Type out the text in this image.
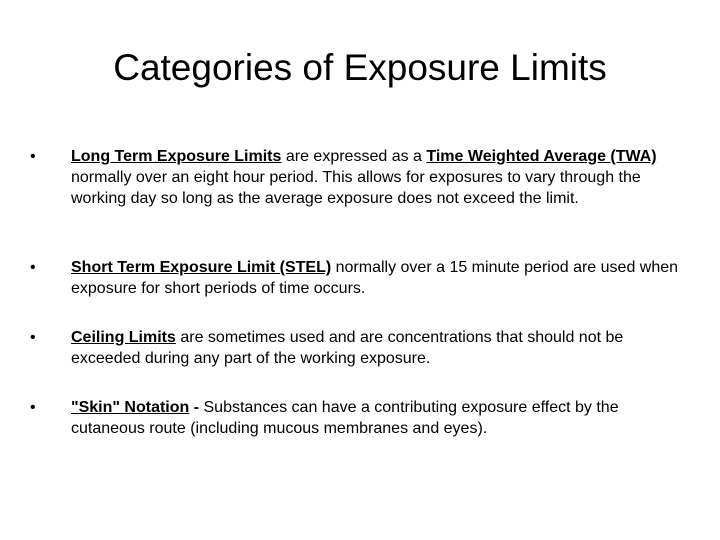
Categories of Exposure Limits
• Long Term Exposure Limits are expressed as a Time Weighted Average (TWA) normally over an eight hour period. This allows for exposures to vary through the working day so long as the average exposure does not exceed the limit.

• Short Term Exposure Limit (STEL) normally over a 15 minute period are used when exposure for short periods of time occurs.

• Ceiling Limits are sometimes used and are concentrations that should not be exceeded during any part of the working exposure.

• "Skin" Notation - Substances can have a contributing exposure effect by the cutaneous route (including mucous membranes and eyes).
